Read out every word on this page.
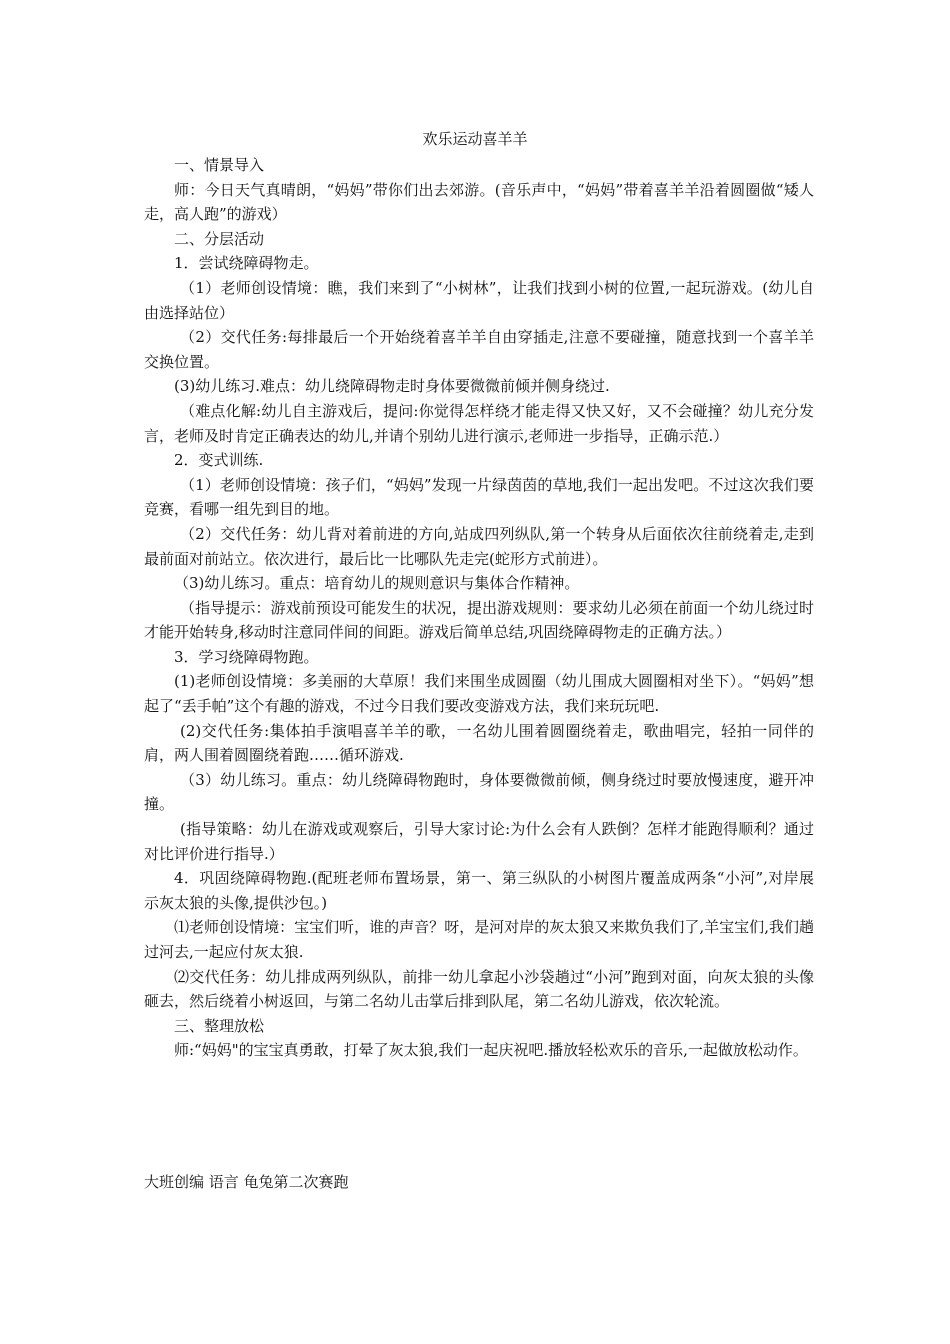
欢乐运动喜羊羊

一、情景导入

师：今日天气真晴朗，“妈妈”带你们出去郊游。(音乐声中，“妈妈”带着喜羊羊沿着圆圈做“矮人走，高人跑”的游戏）

二、分层活动

1．尝试绕障碍物走。

（1）老师创设情境：瞧，我们来到了“小树林”，让我们找到小树的位置,一起玩游戏。(幼儿自由选择站位）

（2）交代任务:每排最后一个开始绕着喜羊羊自由穿插走,注意不要碰撞，随意找到一个喜羊羊交换位置。

(3)幼儿练习.难点：幼儿绕障碍物走时身体要微微前倾并侧身绕过.

（难点化解:幼儿自主游戏后，提问:你觉得怎样绕才能走得又快又好，又不会碰撞？幼儿充分发言，老师及时肯定正确表达的幼儿,并请个别幼儿进行演示,老师进一步指导，正确示范.）

2．变式训练.

（1）老师创设情境：孩子们，“妈妈”发现一片绿茵茵的草地,我们一起出发吧。不过这次我们要竞赛，看哪一组先到目的地。

（2）交代任务：幼儿背对着前进的方向,站成四列纵队,第一个转身从后面依次往前绕着走,走到最前面对前站立。依次进行，最后比一比哪队先走完(蛇形方式前进）。

（3)幼儿练习。重点：培育幼儿的规则意识与集体合作精神。

（指导提示：游戏前预设可能发生的状况，提出游戏规则：要求幼儿必须在前面一个幼儿绕过时才能开始转身,移动时注意同伴间的间距。游戏后简单总结,巩固绕障碍物走的正确方法。）

3．学习绕障碍物跑。

(1)老师创设情境：多美丽的大草原！我们来围坐成圆圈（幼儿围成大圆圈相对坐下）。“妈妈”想起了“丢手帕”这个有趣的游戏，不过今日我们要改变游戏方法，我们来玩玩吧.

(2)交代任务:集体拍手演唱喜羊羊的歌，一名幼儿围着圆圈绕着走，歌曲唱完，轻拍一同伴的肩，两人围着圆圈绕着跑……循环游戏.

（3）幼儿练习。重点：幼儿绕障碍物跑时，身体要微微前倾，侧身绕过时要放慢速度，避开冲撞。

(指导策略：幼儿在游戏或观察后，引导大家讨论:为什么会有人跌倒？怎样才能跑得顺利？通过对比评价进行指导.）

4．巩固绕障碍物跑.(配班老师布置场景，第一、第三纵队的小树图片覆盖成两条“小河”,对岸展示灰太狼的头像,提供沙包。)

⑴老师创设情境：宝宝们听，谁的声音？呀，是河对岸的灰太狼又来欺负我们了,羊宝宝们,我们趟过河去,一起应付灰太狼.

⑵交代任务：幼儿排成两列纵队，前排一幼儿拿起小沙袋趟过“小河”跑到对面，向灰太狼的头像砸去，然后绕着小树返回，与第二名幼儿击掌后排到队尾，第二名幼儿游戏，依次轮流。

三、整理放松

师:“妈妈"的宝宝真勇敢，打晕了灰太狼,我们一起庆祝吧.播放轻松欢乐的音乐,一起做放松动作。

大班创编 语言 龟兔第二次赛跑
